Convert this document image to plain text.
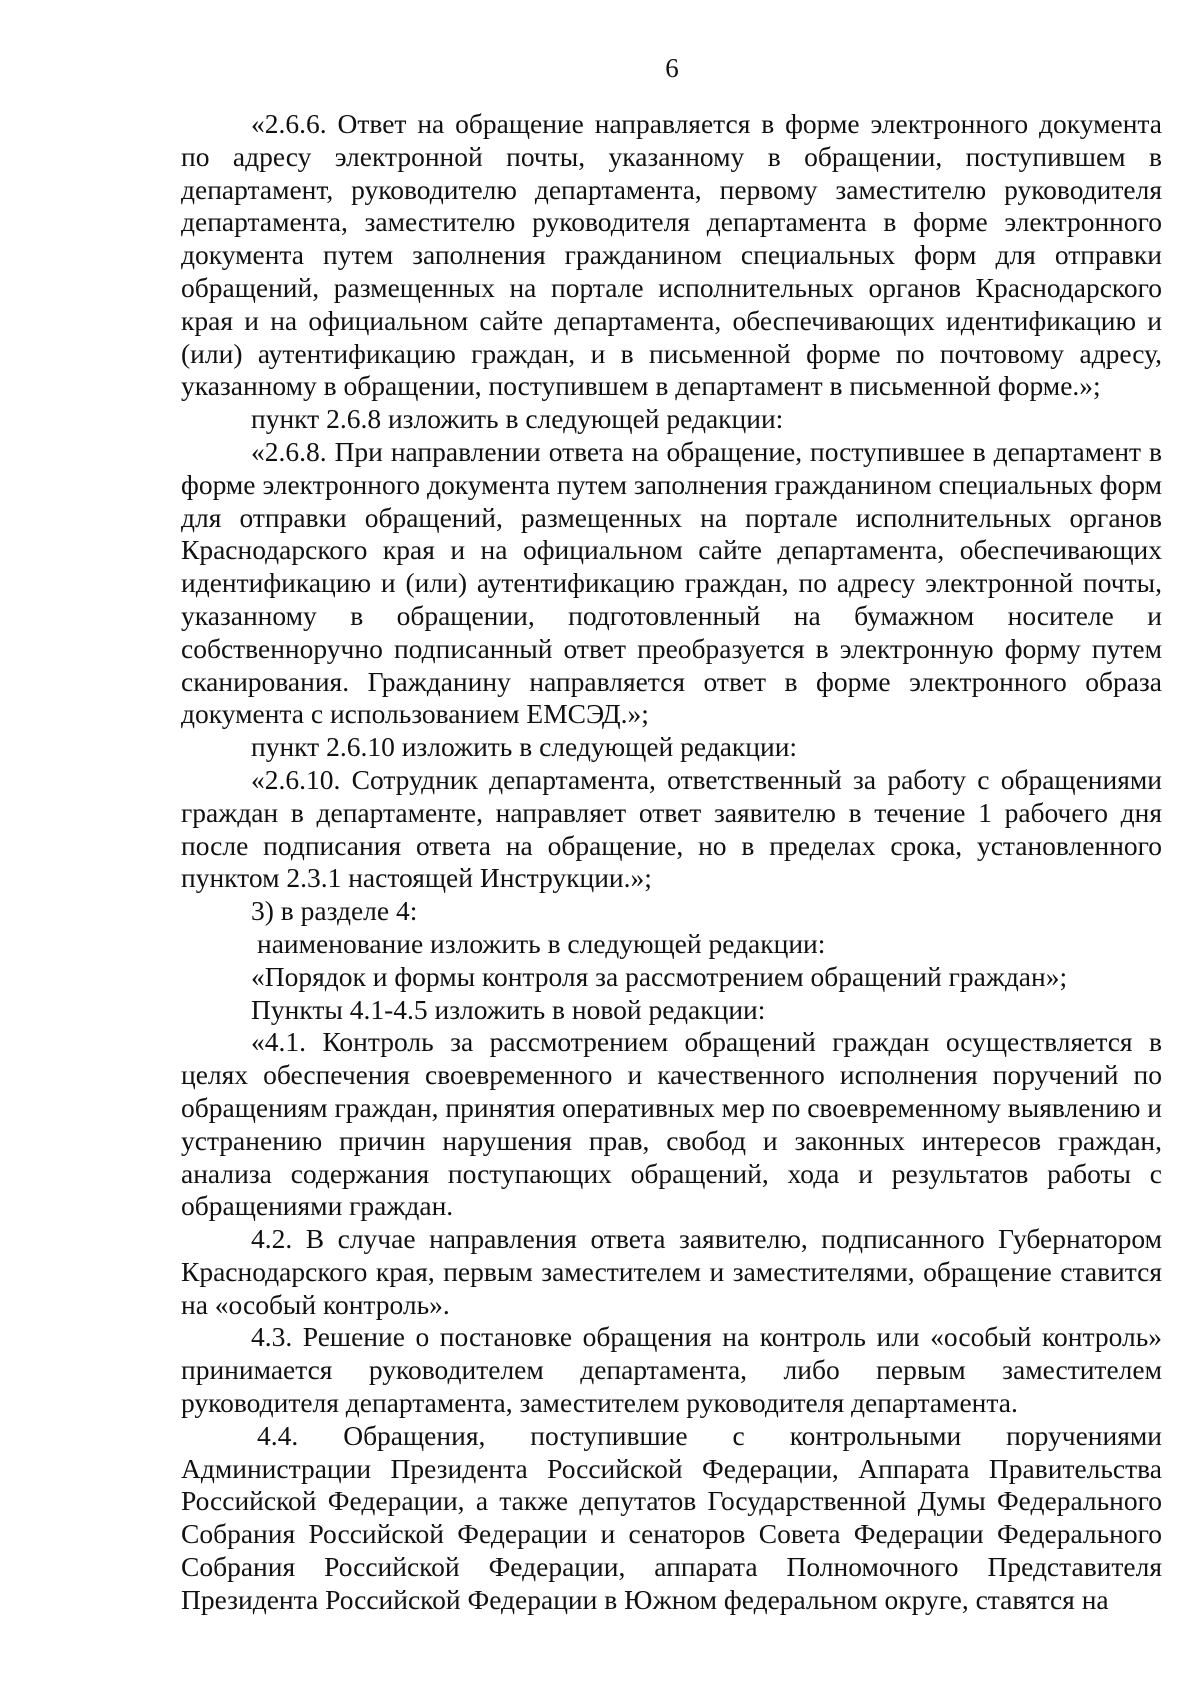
6

«2.6.6. Ответ на обращение направляется в форме электронного документа по адресу электронной почты, указанному в обращении, поступившем в департамент, руководителю департамента, первому заместителю руководителя департамента, заместителю руководителя департамента в форме электронного документа путем заполнения гражданином специальных форм для отправки обращений, размещенных на портале исполнительных органов Краснодарского края и на официальном сайте департамента, обеспечивающих идентификацию и (или) аутентификацию граждан, и в письменной форме по почтовому адресу, указанному в обращении, поступившем в департамент в письменной форме.»;

пункт 2.6.8 изложить в следующей редакции:

«2.6.8. При направлении ответа на обращение, поступившее в департамент в форме электронного документа путем заполнения гражданином специальных форм для отправки обращений, размещенных на портале исполнительных органов Краснодарского края и на официальном сайте департамента, обеспечивающих идентификацию и (или) аутентификацию граждан, по адресу электронной почты, указанному в обращении, подготовленный на бумажном носителе и собственноручно подписанный ответ преобразуется в электронную форму путем сканирования. Гражданину направляется ответ в форме электронного образа документа с использованием ЕМСЭД.»;

пункт 2.6.10 изложить в следующей редакции:

«2.6.10. Сотрудник департамента, ответственный за работу с обращениями граждан в департаменте, направляет ответ заявителю в течение 1 рабочего дня после подписания ответа на обращение, но в пределах срока, установленного пунктом 2.3.1 настоящей Инструкции.»;

3) в разделе 4:

наименование изложить в следующей редакции:

«Порядок и формы контроля за рассмотрением обращений граждан»;

Пункты 4.1-4.5 изложить в новой редакции:

«4.1. Контроль за рассмотрением обращений граждан осуществляется в целях обеспечения своевременного и качественного исполнения поручений по обращениям граждан, принятия оперативных мер по своевременному выявлению и устранению причин нарушения прав, свобод и законных интересов граждан, анализа содержания поступающих обращений, хода и результатов работы с обращениями граждан.

4.2. В случае направления ответа заявителю, подписанного Губернатором Краснодарского края, первым заместителем и заместителями, обращение ставится на «особый контроль».

4.3. Решение о постановке обращения на контроль или «особый контроль» принимается руководителем департамента, либо первым заместителем руководителя департамента, заместителем руководителя департамента.

4.4. Обращения, поступившие с контрольными поручениями Администрации Президента Российской Федерации, Аппарата Правительства Российской Федерации, а также депутатов Государственной Думы Федерального Собрания Российской Федерации и сенаторов Совета Федерации Федерального Собрания Российской Федерации, аппарата Полномочного Представителя Президента Российской Федерации в Южном федеральном округе, ставятся на
